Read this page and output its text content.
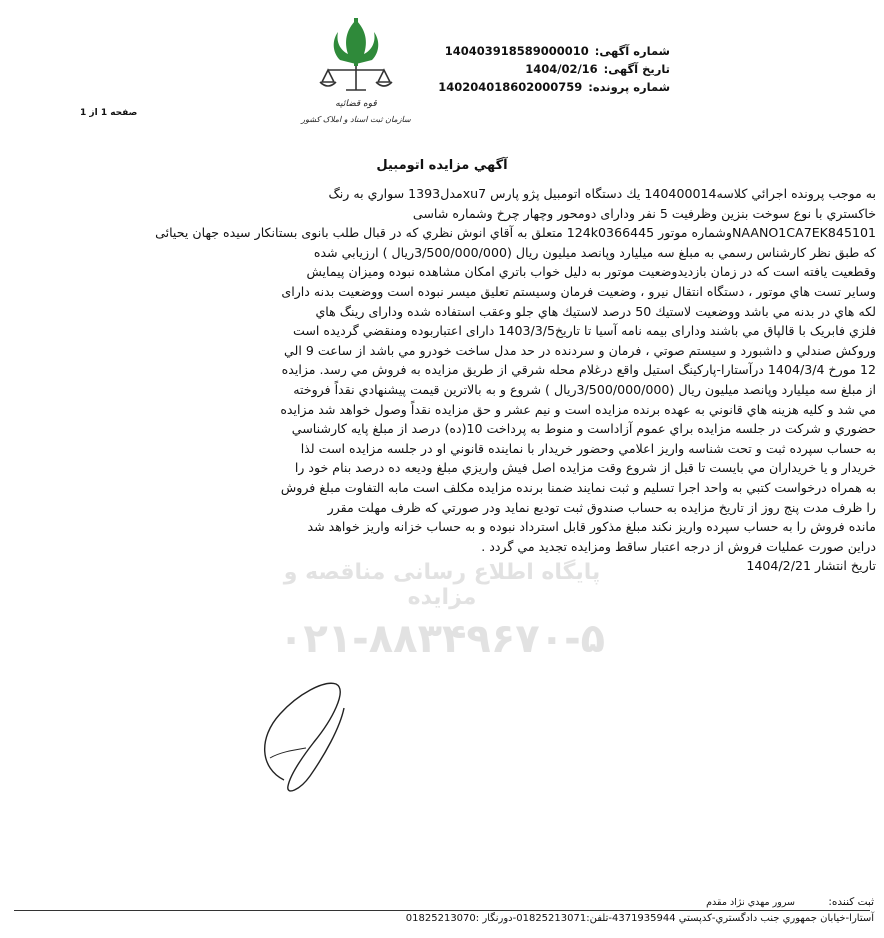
شماره آگهی: 140403918589000010
تاریخ آگهی: 1404/02/16
شماره پرونده: 140204018602000759
قوه قضائیه
سازمان ثبت اسناد و املاک کشور
صفحه 1 از 1
آگهي مزايده اتومبيل
به موجب پرونده اجرائي كلاسه140400014 يك دستگاه اتومبيل پژو پارس xu7مدل1393 سواري به رنگ
خاكستري با نوع سوخت بنزين وظرفيت 5 نفر ودارای دومحور وچهار چرخ وشماره شاسی
NAANO1CA7EK845101وشماره موتور 124k0366445 متعلق به آقاي انوش نظري كه در قبال طلب بانوی بستانكار سيده جهان يحيائی
كه طبق نظر كارشناس رسمي به مبلغ سه ميليارد وپانصد ميليون ريال (3/500/000/000ريال ) ارزيابي شده
وقطعيت يافته است كه در زمان بازديدوضعيت موتور به دليل خواب باتري امكان مشاهده نبوده وميزان پيمايش
وساير تست هاي موتور ، دستگاه انتقال نيرو ، وضعيت فرمان وسيستم تعليق ميسر نبوده است ووضعيت بدنه دارای
لكه هاي در بدنه مي باشد ووضعيت لاستيك 50 درصد لاستيك هاي جلو وعقب استفاده شده ودارای رينگ هاي
فلزي فابريک با قالپاق مي باشند ودارای بيمه نامه آسيا تا تاريخ1403/3/5 دارای اعتباربوده ومنقضي گرديده است
وروكش صندلي و داشبورد و سيستم صوتي ، فرمان و سردنده در حد مدل ساخت خودرو مي باشد از ساعت 9 الي
12 مورخ 1404/3/4 درآستارا-پاركينگ استيل واقع درغلام محله شرقي از طريق مزايده به فروش مي رسد. مزايده
از مبلغ سه ميليارد وپانصد ميليون ريال (3/500/000/000ريال ) شروع و به بالاترين قيمت پيشنهادي نقداً فروخته
مي شد و كليه هزينه هاي قانوني به عهده برنده مزايده است و نيم عشر و حق مزايده نقداً وصول خواهد شد مزايده
حضوري و شركت در جلسه مزايده براي عموم آزاداست و منوط به پرداخت 10(ده) درصد از مبلغ پايه كارشناسي
به حساب سپرده ثبت و تحت شناسه واريز اعلامي وحضور خريدار با نماينده قانوني او در جلسه مزايده است لذا
خريدار و يا خريداران مي بايست تا قبل از شروع وقت مزايده اصل فيش واريزي مبلغ وديعه ده درصد بنام خود را
به همراه درخواست كتبي به واحد اجرا تسليم و ثبت نمايند ضمنا برنده مزايده مكلف است مابه التفاوت مبلغ فروش
را ظرف مدت پنج روز از تاريخ مزايده به حساب صندوق ثبت توديع نمايد ودر صورتي كه ظرف مهلت مقرر
مانده فروش را به حساب سپرده واريز نكند مبلغ مذكور قابل استرداد نبوده و به حساب خزانه واريز خواهد شد
دراين صورت عمليات فروش از درجه اعتبار ساقط ومزايده تجديد مي گردد .
تاريخ انتشار 1404/2/21
پایگاه اطلاع رسانی مناقصه و مزایده
۰۲۱-۸۸۳۴۹۶۷۰-۵
ثبت كننده: سرور مهدي نژاد مقدم
آستارا-خيابان جمهوري جنب دادگستري-كدپستي 4371935944-تلفن:01825213071-دورنگار :01825213070
